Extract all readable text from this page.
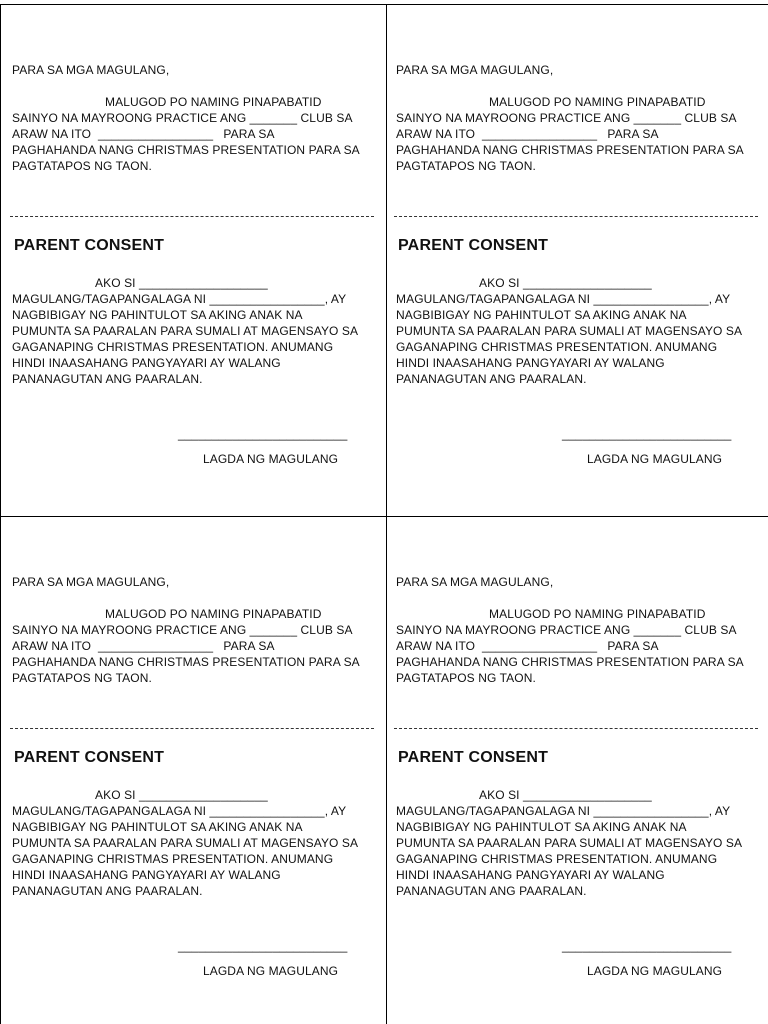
PARA SA MGA MAGULANG,
MALUGOD PO NAMING PINAPABATID
SAINYO NA MAYROONG PRACTICE ANG _______ CLUB SA
ARAW NA ITO  _________________   PARA SA
PAGHAHANDA NANG CHRISTMAS PRESENTATION PARA SA
PAGTATAPOS NG TAON.
PARENT CONSENT
AKO SI ___________________
MAGULANG/TAGAPANGALAGA NI _________________, AY
NAGBIBIGAY NG PAHINTULOT SA AKING ANAK NA
PUMUNTA SA PAARALAN PARA SUMALI AT MAGENSAYO SA
GAGANAPING CHRISTMAS PRESENTATION. ANUMANG
HINDI INAASAHANG PANGYAYARI AY WALANG
PANANAGUTAN ANG PAARALAN.
_________________________
LAGDA NG MAGULANG
PARA SA MGA MAGULANG,
MALUGOD PO NAMING PINAPABATID
SAINYO NA MAYROONG PRACTICE ANG _______ CLUB SA
ARAW NA ITO  _________________   PARA SA
PAGHAHANDA NANG CHRISTMAS PRESENTATION PARA SA
PAGTATAPOS NG TAON.
PARENT CONSENT
AKO SI ___________________
MAGULANG/TAGAPANGALAGA NI _________________, AY
NAGBIBIGAY NG PAHINTULOT SA AKING ANAK NA
PUMUNTA SA PAARALAN PARA SUMALI AT MAGENSAYO SA
GAGANAPING CHRISTMAS PRESENTATION. ANUMANG
HINDI INAASAHANG PANGYAYARI AY WALANG
PANANAGUTAN ANG PAARALAN.
_________________________
LAGDA NG MAGULANG
PARA SA MGA MAGULANG,
MALUGOD PO NAMING PINAPABATID
SAINYO NA MAYROONG PRACTICE ANG _______ CLUB SA
ARAW NA ITO  _________________   PARA SA
PAGHAHANDA NANG CHRISTMAS PRESENTATION PARA SA
PAGTATAPOS NG TAON.
PARENT CONSENT
AKO SI ___________________
MAGULANG/TAGAPANGALAGA NI _________________, AY
NAGBIBIGAY NG PAHINTULOT SA AKING ANAK NA
PUMUNTA SA PAARALAN PARA SUMALI AT MAGENSAYO SA
GAGANAPING CHRISTMAS PRESENTATION. ANUMANG
HINDI INAASAHANG PANGYAYARI AY WALANG
PANANAGUTAN ANG PAARALAN.
_________________________
LAGDA NG MAGULANG
PARA SA MGA MAGULANG,
MALUGOD PO NAMING PINAPABATID
SAINYO NA MAYROONG PRACTICE ANG _______ CLUB SA
ARAW NA ITO  _________________   PARA SA
PAGHAHANDA NANG CHRISTMAS PRESENTATION PARA SA
PAGTATAPOS NG TAON.
PARENT CONSENT
AKO SI ___________________
MAGULANG/TAGAPANGALAGA NI _________________, AY
NAGBIBIGAY NG PAHINTULOT SA AKING ANAK NA
PUMUNTA SA PAARALAN PARA SUMALI AT MAGENSAYO SA
GAGANAPING CHRISTMAS PRESENTATION. ANUMANG
HINDI INAASAHANG PANGYAYARI AY WALANG
PANANAGUTAN ANG PAARALAN.
_________________________
LAGDA NG MAGULANG
